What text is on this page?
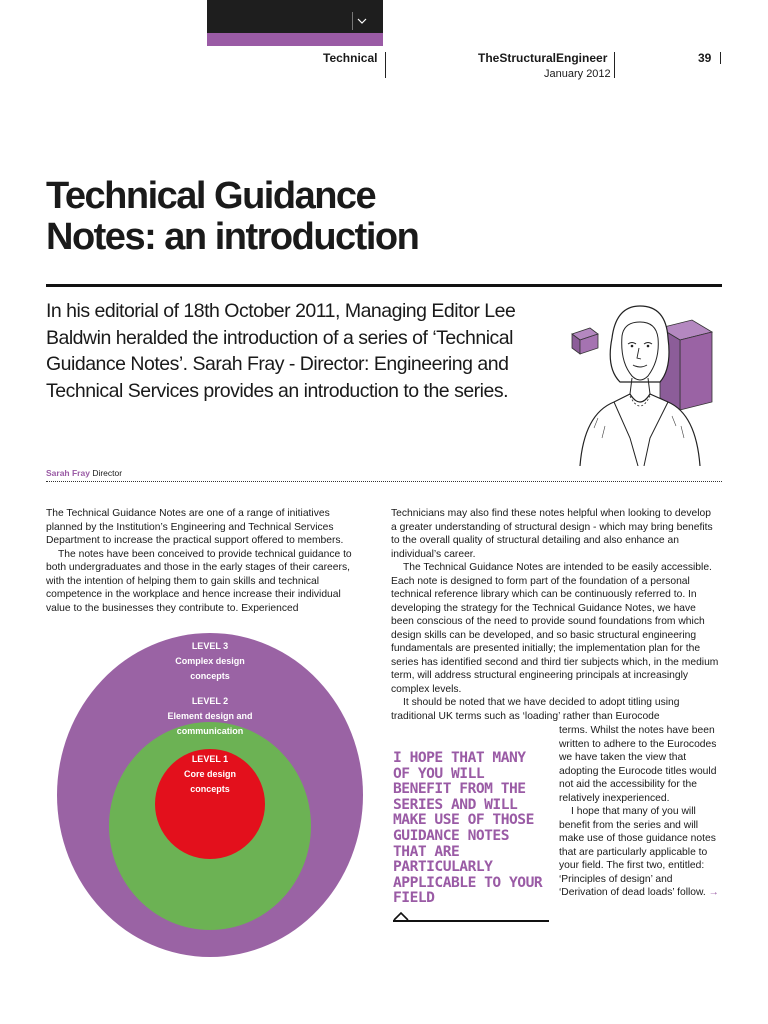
Technical	TheStructuralEngineer
January 2012
39
Technical Guidance
Notes: an introduction
In his editorial of 18th October 2011, Managing Editor Lee Baldwin heralded the introduction of a series of ‘Technical Guidance Notes’. Sarah Fray - Director: Engineering and Technical Services provides an introduction to the series.
Sarah Fray Director

The Technical Guidance Notes are one of a range of initiatives planned by the Institution’s Engineering and Technical Services Department to increase the practical support offered to members.

The notes have been conceived to provide technical guidance to both undergraduates and those in the early stages of their careers, with the intention of helping them to gain skills and technical competence in the workplace and hence increase their individual value to the businesses they contribute to. Experienced

LEVEL 3
Complex design
concepts
LEVEL 2
Element design and
communication
LEVEL 1
Core design
concepts

Technicians may also find these notes helpful when looking to develop a greater understanding of structural design - which may bring benefits to the overall quality of structural detailing and also enhance an individual’s career.

The Technical Guidance Notes are intended to be easily accessible. Each note is designed to form part of the foundation of a personal technical reference library which can be continuously referred to. In developing the strategy for the Technical Guidance Notes, we have been conscious of the need to provide sound foundations from which design skills can be developed, and so basic structural engineering fundamentals are presented initially; the implementation plan for the series has identified second and third tier subjects which, in the medium term, will address structural engineering principals at increasingly complex levels.

It should be noted that we have decided to adopt titling using traditional UK terms such as ‘loading’ rather than Eurocode

I HOPE THAT MANY OF YOU WILL BENEFIT FROM THE SERIES AND WILL MAKE USE OF THOSE GUIDANCE NOTES THAT ARE PARTICULARLY APPLICABLE TO YOUR FIELD

terms. Whilst the notes have been written to adhere to the Eurocodes we have taken the view that adopting the Eurocode titles would not aid the accessibility for the relatively inexperienced.

I hope that many of you will benefit from the series and will make use of those guidance notes that are particularly applicable to your field. The first two, entitled: ‘Principles of design’ and ‘Derivation of dead loads’ follow. →
